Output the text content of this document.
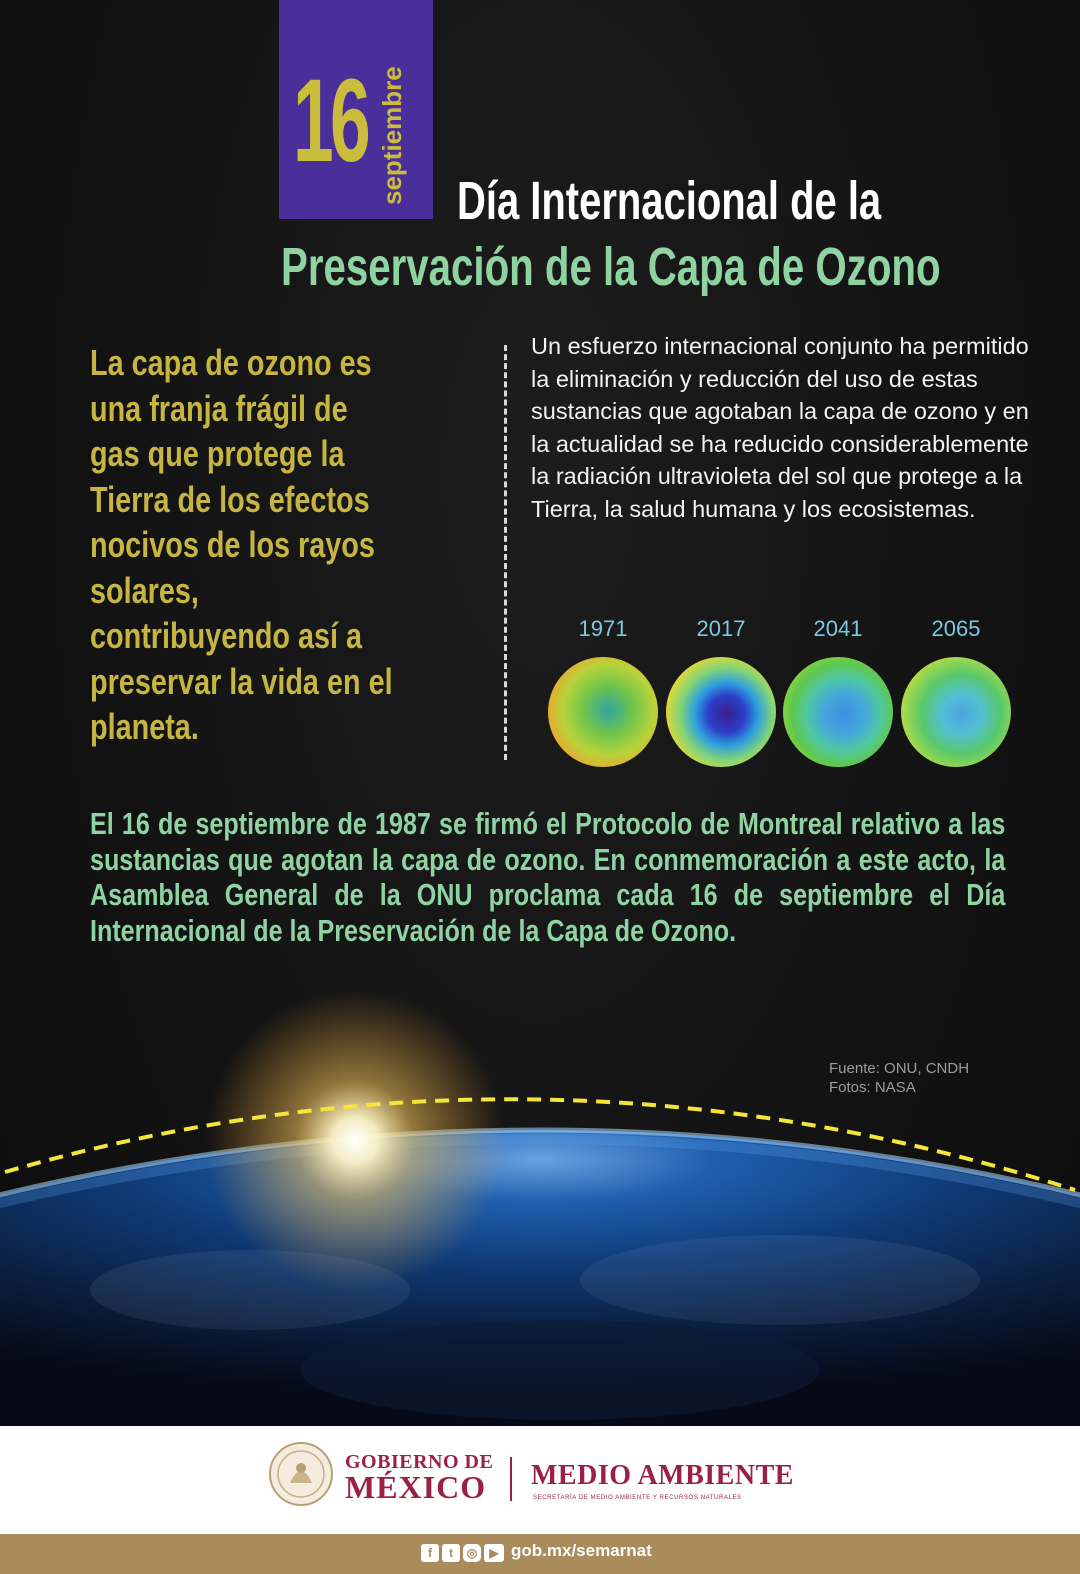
16 septiembre Día Internacional de la
Preservación de la Capa de Ozono
La capa de ozono es una franja frágil de gas que protege la Tierra de los efectos nocivos de los rayos solares, contribuyendo así a preservar la vida en el planeta.
Un esfuerzo internacional conjunto ha permitido la eliminación y reducción del uso de estas sustancias que agotaban la capa de ozono y en la actualidad se ha reducido considerablemente la radiación ultravioleta del sol que protege a la Tierra, la salud humana y los ecosistemas.
1971	2017	2041	2065
El 16 de septiembre de 1987 se firmó el Protocolo de Montreal relativo a las sustancias que agotan la capa de ozono. En conmemoración a este acto, la Asamblea General de la ONU proclama cada 16 de septiembre el Día Internacional de la Preservación de la Capa de Ozono.
Fuente: ONU, CNDH
Fotos: NASA
GOBIERNO DE
MÉXICO MEDIO AMBIENTE
SECRETARÍA DE MEDIO AMBIENTE Y RECURSOS NATURALES
f	t	◎	▶ gob.mx/semarnat
